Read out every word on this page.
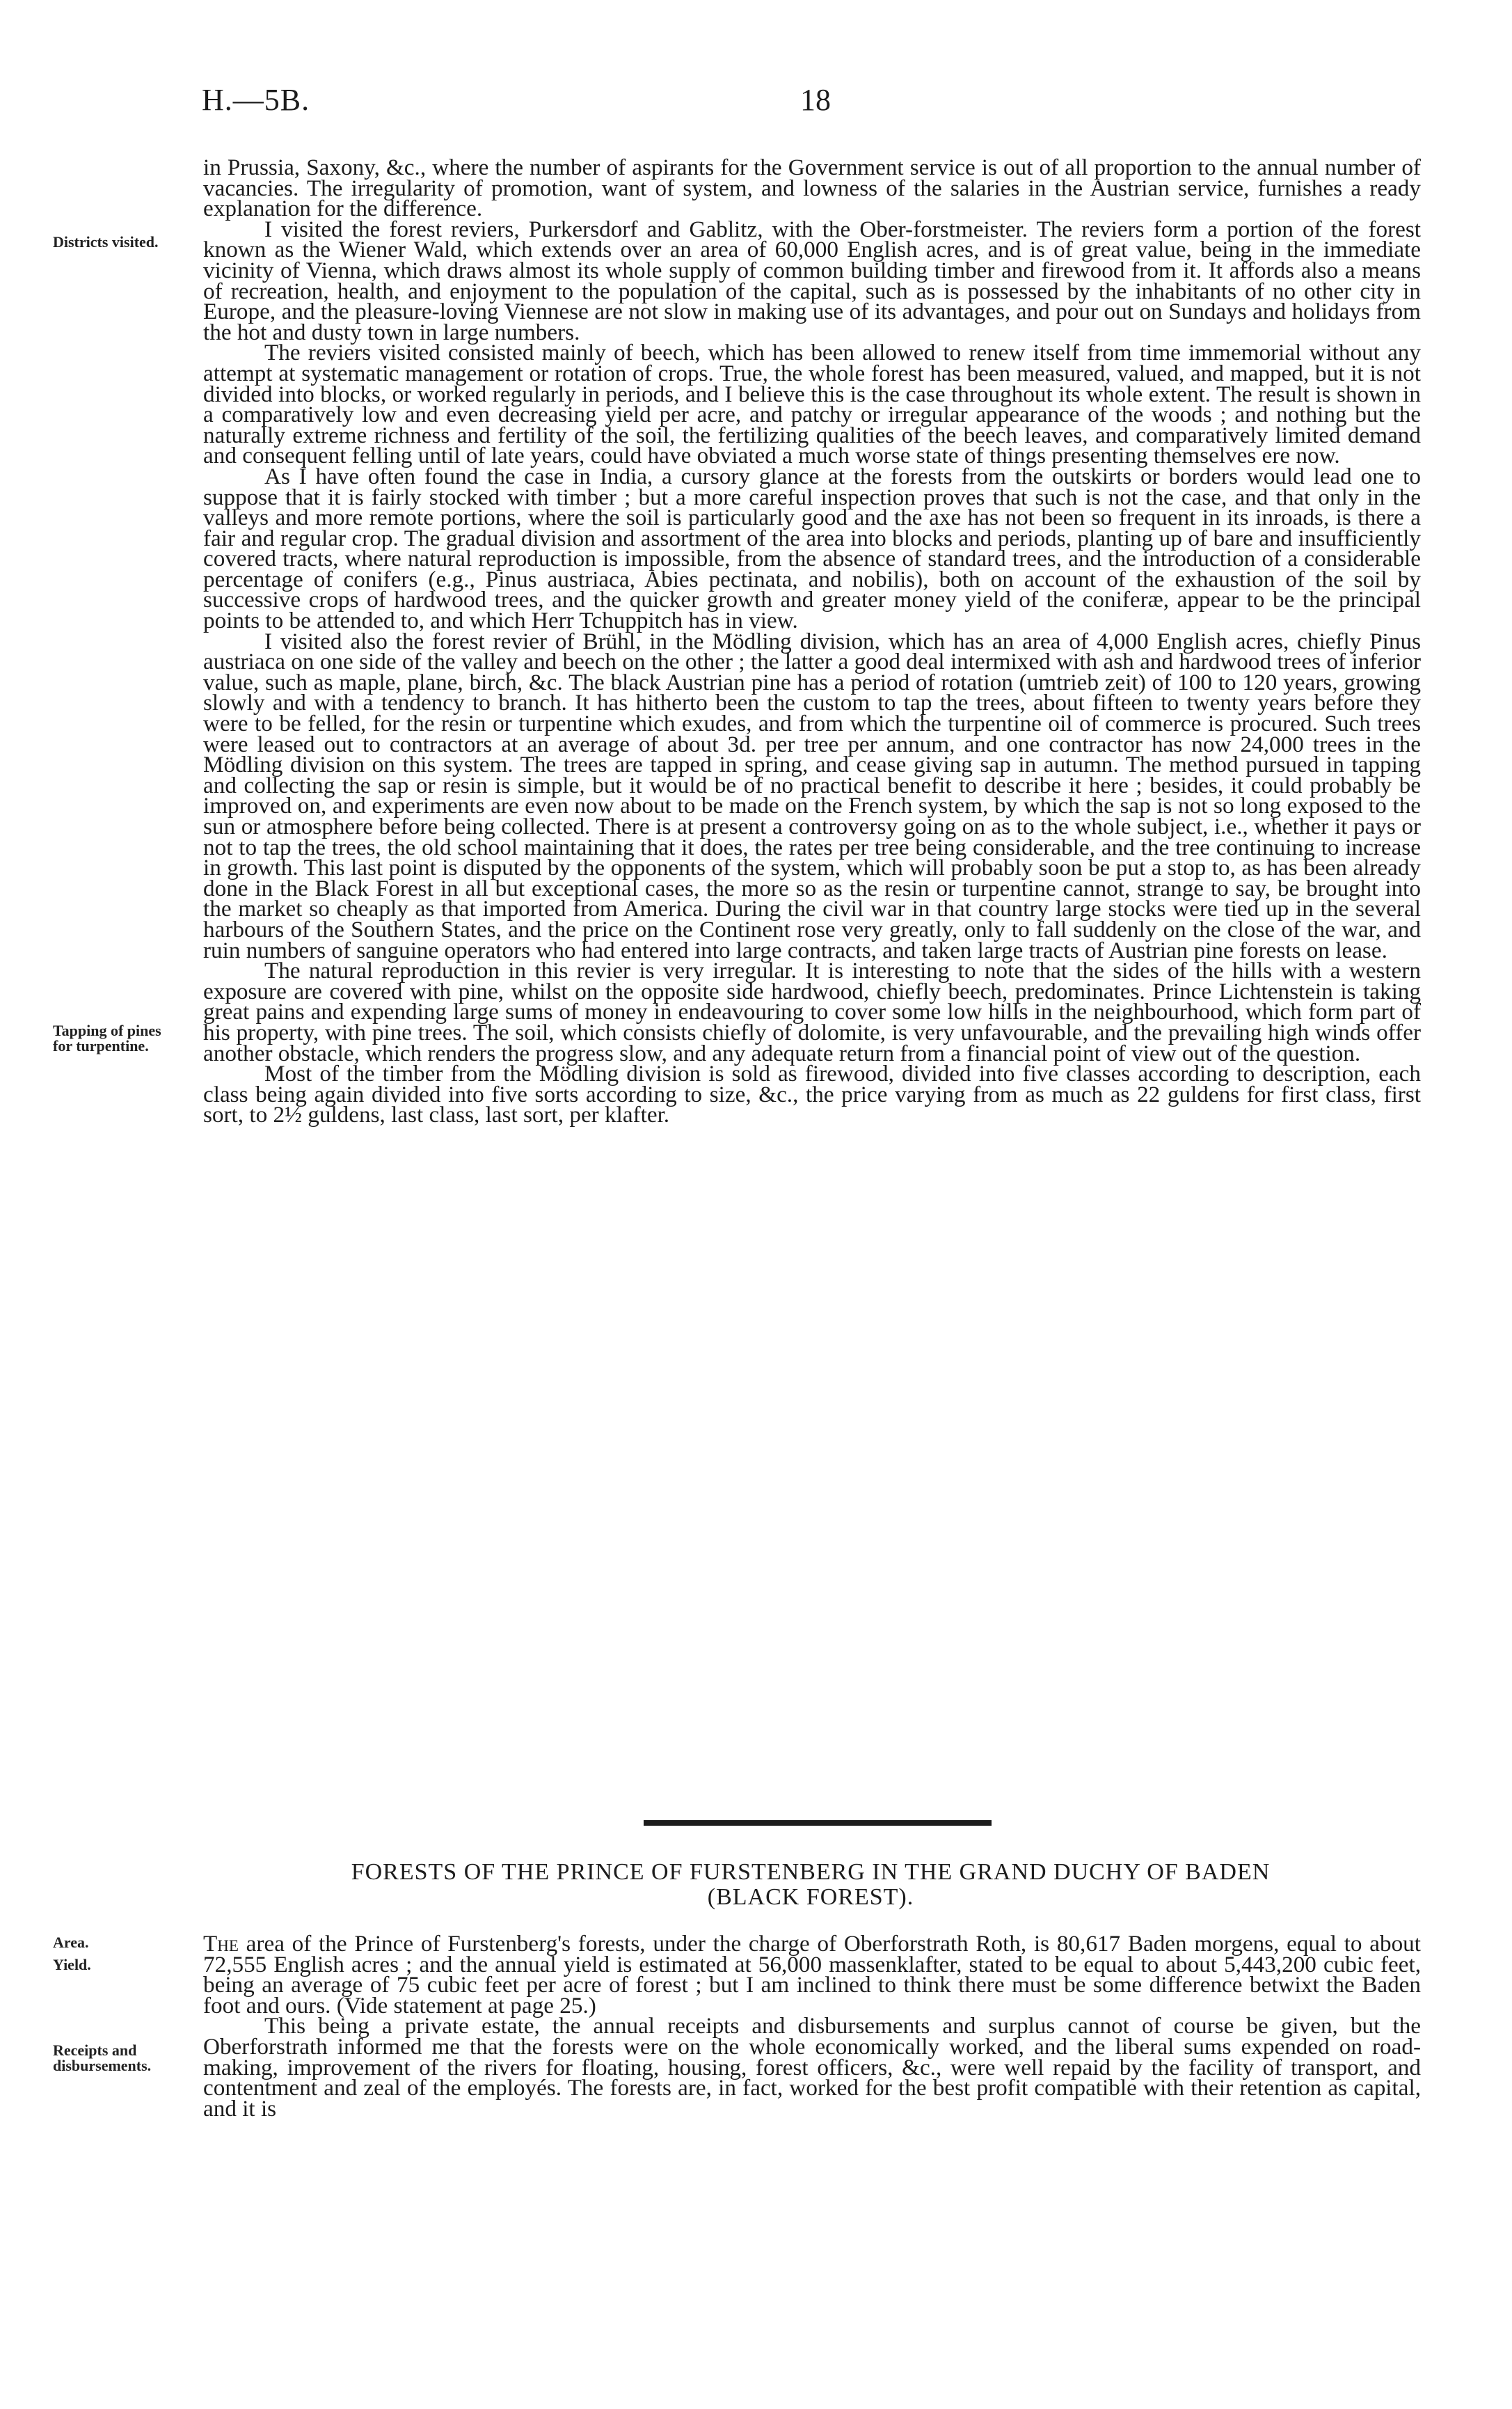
H.—5B.	18
Districts visited.
Tapping of pines for turpentine.
Area.
Yield.
Receipts and disbursements.

in Prussia, Saxony, &c., where the number of aspirants for the Government service is out of all proportion to the annual number of vacancies. The irregularity of promotion, want of system, and lowness of the salaries in the Austrian service, furnishes a ready explanation for the difference.

I visited the forest reviers, Purkersdorf and Gablitz, with the Ober-forstmeister. The reviers form a portion of the forest known as the Wiener Wald, which extends over an area of 60,000 English acres, and is of great value, being in the immediate vicinity of Vienna, which draws almost its whole supply of common building timber and firewood from it. It affords also a means of recreation, health, and enjoyment to the population of the capital, such as is possessed by the inhabitants of no other city in Europe, and the pleasure-loving Viennese are not slow in making use of its advantages, and pour out on Sundays and holidays from the hot and dusty town in large numbers.

The reviers visited consisted mainly of beech, which has been allowed to renew itself from time immemorial without any attempt at systematic management or rotation of crops. True, the whole forest has been measured, valued, and mapped, but it is not divided into blocks, or worked regularly in periods, and I believe this is the case throughout its whole extent. The result is shown in a comparatively low and even decreasing yield per acre, and patchy or irregular appearance of the woods ; and nothing but the naturally extreme richness and fertility of the soil, the fertilizing qualities of the beech leaves, and comparatively limited demand and consequent felling until of late years, could have obviated a much worse state of things presenting themselves ere now.

As I have often found the case in India, a cursory glance at the forests from the outskirts or borders would lead one to suppose that it is fairly stocked with timber ; but a more careful inspection proves that such is not the case, and that only in the valleys and more remote portions, where the soil is particularly good and the axe has not been so frequent in its inroads, is there a fair and regular crop. The gradual division and assortment of the area into blocks and periods, planting up of bare and insufficiently covered tracts, where natural reproduction is impossible, from the absence of standard trees, and the introduction of a considerable percentage of conifers (e.g., Pinus austriaca, Abies pectinata, and nobilis), both on account of the exhaustion of the soil by successive crops of hardwood trees, and the quicker growth and greater money yield of the coniferæ, appear to be the principal points to be attended to, and which Herr Tchuppitch has in view.

I visited also the forest revier of Brühl, in the Mödling division, which has an area of 4,000 English acres, chiefly Pinus austriaca on one side of the valley and beech on the other ; the latter a good deal intermixed with ash and hardwood trees of inferior value, such as maple, plane, birch, &c. The black Austrian pine has a period of rotation (umtrieb zeit) of 100 to 120 years, growing slowly and with a tendency to branch. It has hitherto been the custom to tap the trees, about fifteen to twenty years before they were to be felled, for the resin or turpentine which exudes, and from which the turpentine oil of commerce is procured. Such trees were leased out to contractors at an average of about 3d. per tree per annum, and one contractor has now 24,000 trees in the Mödling division on this system. The trees are tapped in spring, and cease giving sap in autumn. The method pursued in tapping and collecting the sap or resin is simple, but it would be of no practical benefit to describe it here ; besides, it could probably be improved on, and experiments are even now about to be made on the French system, by which the sap is not so long exposed to the sun or atmosphere before being collected. There is at present a controversy going on as to the whole subject, i.e., whether it pays or not to tap the trees, the old school maintaining that it does, the rates per tree being considerable, and the tree continuing to increase in growth. This last point is disputed by the opponents of the system, which will probably soon be put a stop to, as has been already done in the Black Forest in all but exceptional cases, the more so as the resin or turpentine cannot, strange to say, be brought into the market so cheaply as that imported from America. During the civil war in that country large stocks were tied up in the several harbours of the Southern States, and the price on the Continent rose very greatly, only to fall suddenly on the close of the war, and ruin numbers of sanguine operators who had entered into large contracts, and taken large tracts of Austrian pine forests on lease.

The natural reproduction in this revier is very irregular. It is interesting to note that the sides of the hills with a western exposure are covered with pine, whilst on the opposite side hardwood, chiefly beech, predominates. Prince Lichtenstein is taking great pains and expending large sums of money in endeavouring to cover some low hills in the neighbourhood, which form part of his property, with pine trees. The soil, which consists chiefly of dolomite, is very unfavourable, and the prevailing high winds offer another obstacle, which renders the progress slow, and any adequate return from a financial point of view out of the question.

Most of the timber from the Mödling division is sold as firewood, divided into five classes according to description, each class being again divided into five sorts according to size, &c., the price varying from as much as 22 guldens for first class, first sort, to 2½ guldens, last class, last sort, per klafter.

FORESTS OF THE PRINCE OF FURSTENBERG IN THE GRAND DUCHY OF BADEN
(BLACK FOREST).

The area of the Prince of Furstenberg's forests, under the charge of Oberforstrath Roth, is 80,617 Baden morgens, equal to about 72,555 English acres ; and the annual yield is estimated at 56,000 massenklafter, stated to be equal to about 5,443,200 cubic feet, being an average of 75 cubic feet per acre of forest ; but I am inclined to think there must be some difference betwixt the Baden foot and ours. (Vide statement at page 25.)

This being a private estate, the annual receipts and disbursements and surplus cannot of course be given, but the Oberforstrath informed me that the forests were on the whole economically worked, and the liberal sums expended on road-making, improvement of the rivers for floating, housing, forest officers, &c., were well repaid by the facility of transport, and contentment and zeal of the employés. The forests are, in fact, worked for the best profit compatible with their retention as capital, and it is
